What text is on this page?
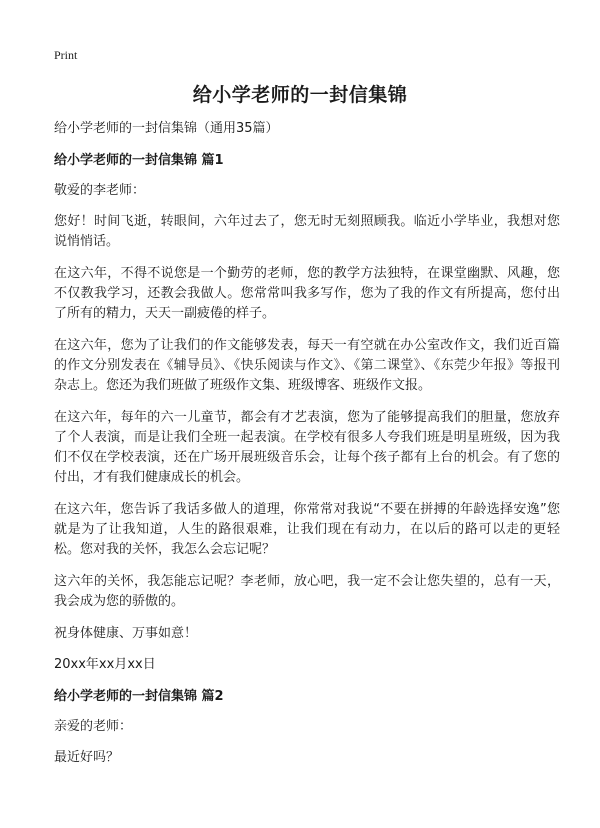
Print
给小学老师的一封信集锦

给小学老师的一封信集锦（通用35篇）

给小学老师的一封信集锦 篇1

敬爱的李老师：

您好！时间飞逝，转眼间，六年过去了，您无时无刻照顾我。临近小学毕业，我想对您说悄悄话。

在这六年，不得不说您是一个勤劳的老师，您的教学方法独特，在课堂幽默、风趣，您不仅教我学习，还教会我做人。您常常叫我多写作，您为了我的作文有所提高，您付出了所有的精力，天天一副疲倦的样子。

在这六年，您为了让我们的作文能够发表，每天一有空就在办公室改作文，我们近百篇的作文分别发表在《辅导员》、《快乐阅读与作文》、《第二课堂》、《东莞少年报》等报刊杂志上。您还为我们班做了班级作文集、班级博客、班级作文报。

在这六年，每年的六一儿童节，都会有才艺表演，您为了能够提高我们的胆量，您放弃了个人表演，而是让我们全班一起表演。在学校有很多人夸我们班是明星班级，因为我们不仅在学校表演，还在广场开展班级音乐会，让每个孩子都有上台的机会。有了您的付出，才有我们健康成长的机会。

在这六年，您告诉了我话多做人的道理，你常常对我说“不要在拼搏的年龄选择安逸”您就是为了让我知道，人生的路很艰难，让我们现在有动力，在以后的路可以走的更轻松。您对我的关怀，我怎么会忘记呢？

这六年的关怀，我怎能忘记呢？李老师，放心吧，我一定不会让您失望的，总有一天，我会成为您的骄傲的。

祝身体健康、万事如意！

20xx年xx月xx日

给小学老师的一封信集锦 篇2

亲爱的老师：

最近好吗？
